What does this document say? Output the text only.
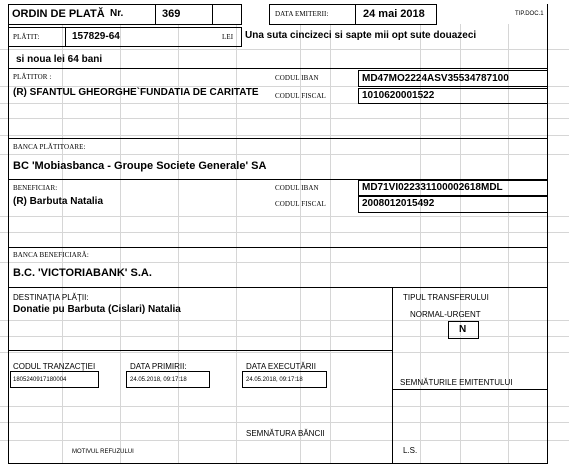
ORDIN DE PLATĂ Nr.	369	DATA EMITERII:	24 mai 2018	TIP.DOC.1
PLĂTIT:	157829-64	LEI Una suta cincizeci si sapte mii opt sute douazeci
si noua lei 64 bani
PLĂTITOR :
(R) SFANTUL GHEORGHE`FUNDATIA DE CARITATE
CODUL IBAN	MD47MO2224ASV35534787100
CODUL FISCAL	1010620001522
BANCA PLĂTITOARE:
BC 'Mobiasbanca - Groupe Societe Generale' SA
BENEFICIAR:
(R) Barbuta Natalia
CODUL IBAN	MD71VI022331100002618MDL
CODUL FISCAL	2008012015492
BANCA BENEFICIARĂ:
B.C. 'VICTORIABANK' S.A.
DESTINAŢIA PLĂŢII:
Donatie pu Barbuta (Cislari) Natalia
TIPUL TRANSFERULUI
NORMAL-URGENT
N
CODUL TRANZACŢIEI
1805240917180004
DATA PRIMIRII:
24.05.2018, 09:17:18
DATA EXECUTĂRII
24.05.2018, 09:17:18	SEMNĂTURILE EMITENTULUI
SEMNĂTURA BĂNCII
MOTIVUL REFUZULUI	L.S.
